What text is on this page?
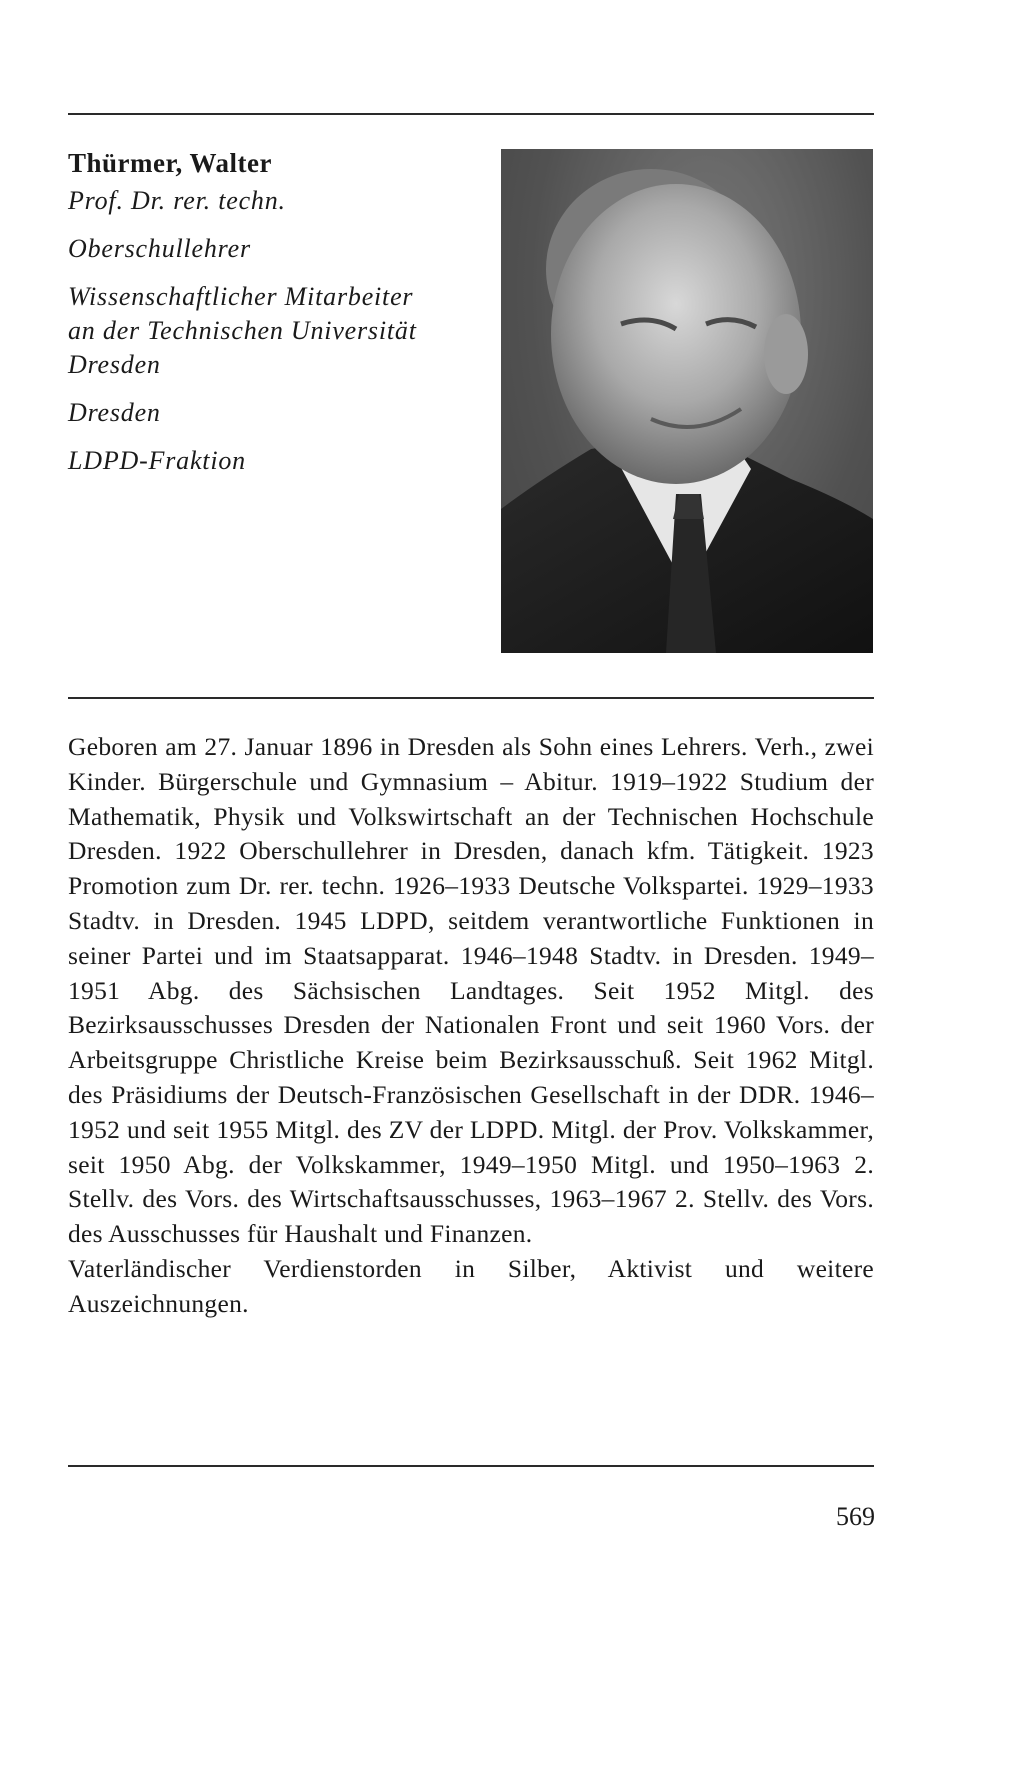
Thürmer, Walter

Prof. Dr. rer. techn.

Oberschullehrer

Wissenschaftlicher Mitarbeiter

an der Technischen Universität

Dresden

Dresden

LDPD-Fraktion

Geboren am 27. Januar 1896 in Dresden als Sohn eines Lehrers. Verh., zwei Kinder. Bürgerschule und Gymnasium – Abitur. 1919–1922 Studium der Mathematik, Physik und Volkswirtschaft an der Technischen Hochschule Dresden. 1922 Oberschullehrer in Dresden, danach kfm. Tätigkeit. 1923 Promotion zum Dr. rer. techn. 1926–1933 Deutsche Volkspartei. 1929–1933 Stadtv. in Dresden. 1945 LDPD, seitdem verantwortliche Funktionen in seiner Partei und im Staatsapparat. 1946–1948 Stadtv. in Dresden. 1949–1951 Abg. des Sächsischen Landtages. Seit 1952 Mitgl. des Bezirksausschusses Dresden der Nationalen Front und seit 1960 Vors. der Arbeitsgruppe Christliche Kreise beim Bezirksausschuß. Seit 1962 Mitgl. des Präsidiums der Deutsch-Französischen Gesellschaft in der DDR. 1946–1952 und seit 1955 Mitgl. des ZV der LDPD. Mitgl. der Prov. Volkskammer, seit 1950 Abg. der Volkskammer, 1949–1950 Mitgl. und 1950–1963 2. Stellv. des Vors. des Wirtschaftsausschusses, 1963–1967 2. Stellv. des Vors. des Ausschusses für Haushalt und Finanzen.

Vaterländischer Verdienstorden in Silber, Aktivist und weitere Auszeichnungen.

569
